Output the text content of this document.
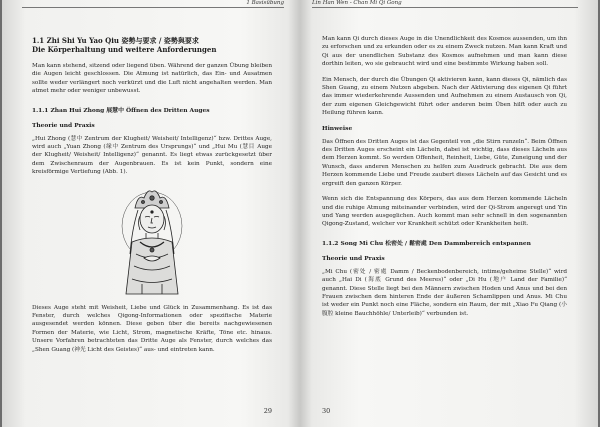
1 Basisübung
1.1 Zhi Shi Yu Yao Qiu 姿勢与要求 / 姿勢與要求
Die Körperhaltung und weitere Anforderungen

Man kann stehend, sitzend oder liegend üben. Während der ganzen Übung bleiben die Augen leicht geschlossen. Die Atmung ist natürlich, das Ein- und Ausatmen sollte weder verlängert noch verkürzt und die Luft nicht angehalten werden. Man atmet mehr oder weniger unbewusst.

1.1.1 Zhan Hui Zhong 展慧中 Öffnen des Dritten Auges
Theorie und Praxis

„Hui Zhong (慧中 Zentrum der Klugheit/ Weisheit/ Intelligenz)“ bzw. Drittes Auge, wird auch „Yuan Zhong (缘中 Zentrum des Ursprungs)“ und „Hui Mu (慧目 Auge der Klugheit/ Weisheit/ Intelligenz)“ genannt. Es liegt etwas zurückgesetzt über dem Zwischenraum der Augenbrauen. Es ist kein Punkt, sondern eine kreisförmige Vertiefung (Abb. 1).

Dieses Auge steht mit Weisheit, Liebe und Glück in Zusammenhang. Es ist das Fenster, durch welches Qigong-Informationen oder spezifische Materie ausgesendet werden können. Diese geben über die bereits nachgewiesenen Formen der Materie, wie Licht, Strom, magnetische Kräfte, Töne etc. hinaus. Unsere Vorfahren betrachteten das Dritte Auge als Fenster, durch welches das „Shen Guang (神光 Licht des Geistes)“ aus- und eintreten kann.

29
Lin Han Wen - Chan Mi Qi Gong

Man kann Qi durch dieses Auge in die Unendlichkeit des Kosmos aussenden, um ihn zu erforschen und zu erkunden oder es zu einem Zweck nutzen. Man kann Kraft und Qi aus der unendlichen Substanz des Kosmos aufnehmen und man kann diese dorthin leiten, wo sie gebraucht wird und eine bestimmte Wirkung haben soll.

Ein Mensch, der durch die Übungen Qi aktivieren kann, kann dieses Qi, nämlich das Shen Guang, zu einem Nutzen abgeben. Nach der Aktivierung des eigenen Qi führt das immer wiederkehrende Aussenden und Aufnehmen zu einem Austausch von Qi, der zum eigenen Gleichgewicht führt oder anderen beim Üben hilft oder auch zu Heilung führen kann.

Hinweise

Das Öffnen des Dritten Auges ist das Gegenteil von „die Stirn runzeln“. Beim Öffnen des Dritten Auges erscheint ein Lächeln, dabei ist wichtig, dass dieses Lächeln aus dem Herzen kommt. So werden Offenheit, Reinheit, Liebe, Güte, Zuneigung und der Wunsch, dass anderen Menschen zu helfen zum Ausdruck gebracht. Die aus dem Herzen kommende Liebe und Freude zaubert dieses Lächeln auf das Gesicht und es ergreift den ganzen Körper.

Wenn sich die Entspannung des Körpers, das aus dem Herzen kommende Lächeln und die ruhige Atmung miteinander verbinden, wird der Qi-Strom angeregt und Yin und Yang werden ausgeglichen. Auch kommt man sehr schnell in den sogenannten Qigong-Zustand, welcher vor Krankheit schützt oder Krankheiten heilt.

1.1.2 Song Mi Chu 松密处 / 鬆密處 Den Dammbereich entspannen
Theorie und Praxis

„Mi Chu (密处 / 密處 Damm / Beckenbodenbereich, intime/geheime Stelle)“ wird auch „Hai Di (海底 Grund des Meeres)“ oder „Di Hu (地户 Land der Familie)“ genannt. Diese Stelle liegt bei den Männern zwischen Hoden und Anus und bei den Frauen zwischen dem hinteren Ende der äußeren Schamlippen und Anus. Mi Chu ist weder ein Punkt noch eine Fläche, sondern ein Raum, der mit „Xiao Fu Qiang (小腹腔 kleine Bauchhöhle/ Unterleib)“ verbunden ist.

30
